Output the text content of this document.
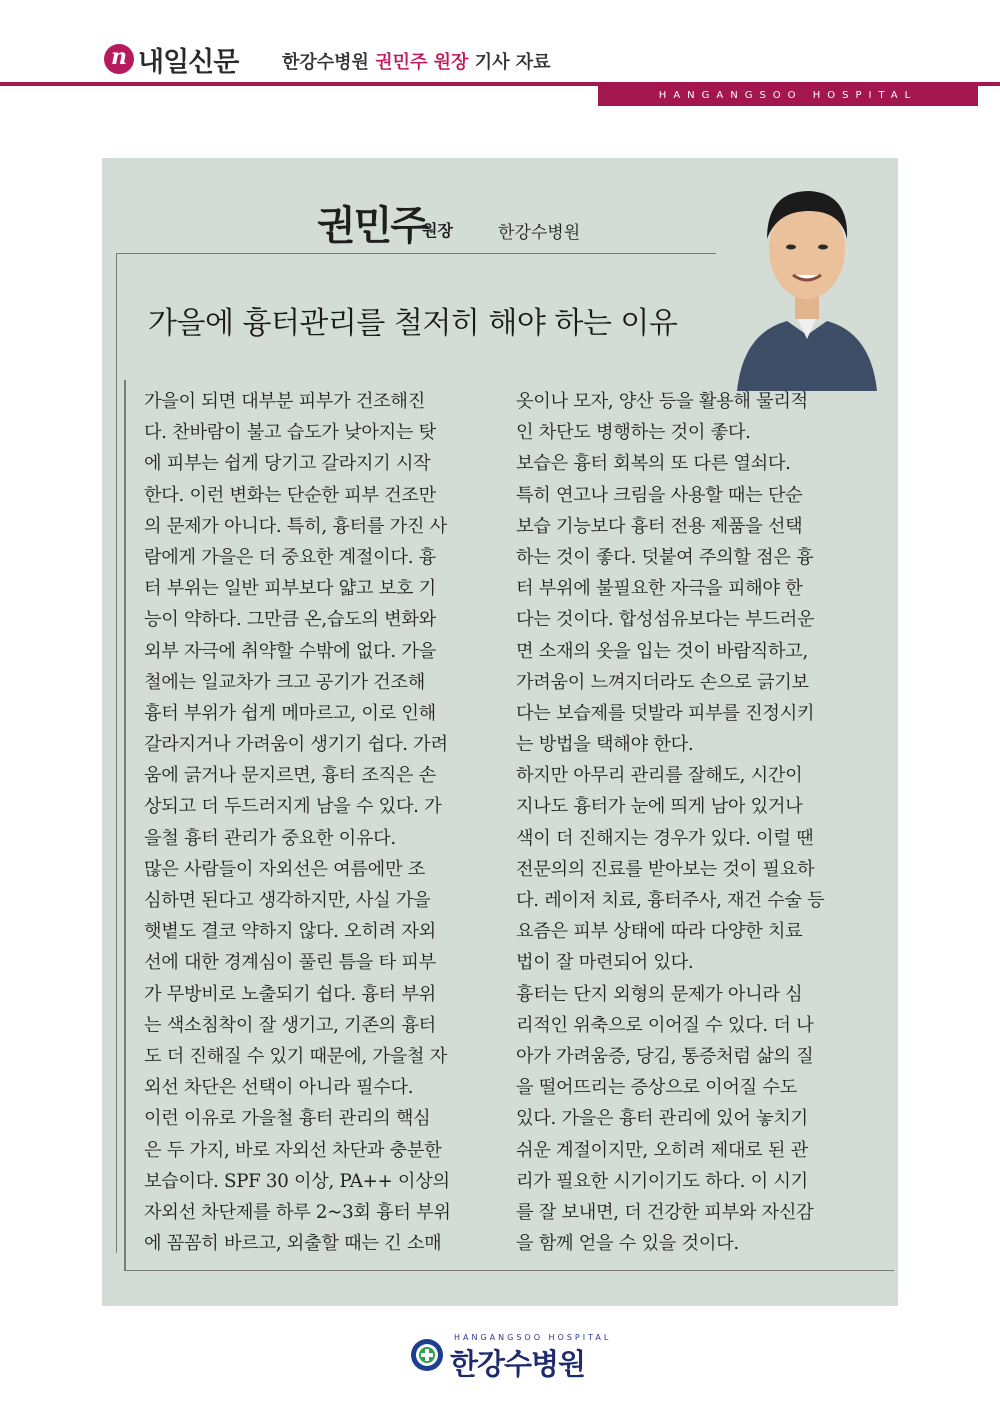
n 내일신문 한강수병원 권민주 원장 기사 자료
HANGANGSOO HOSPITAL
권민주
원장	한강수병원
가을에 흉터관리를 철저히 해야 하는 이유
가을이 되면 대부분 피부가 건조해진
다. 찬바람이 불고 습도가 낮아지는 탓
에 피부는 쉽게 당기고 갈라지기 시작
한다. 이런 변화는 단순한 피부 건조만
의 문제가 아니다. 특히, 흉터를 가진 사
람에게 가을은 더 중요한 계절이다. 흉
터 부위는 일반 피부보다 얇고 보호 기
능이 약하다. 그만큼 온,습도의 변화와
외부 자극에 취약할 수밖에 없다. 가을
철에는 일교차가 크고 공기가 건조해
흉터 부위가 쉽게 메마르고, 이로 인해
갈라지거나 가려움이 생기기 쉽다. 가려
움에 긁거나 문지르면, 흉터 조직은 손
상되고 더 두드러지게 남을 수 있다. 가
을철 흉터 관리가 중요한 이유다.
많은 사람들이 자외선은 여름에만 조
심하면 된다고 생각하지만, 사실 가을
햇볕도 결코 약하지 않다. 오히려 자외
선에 대한 경계심이 풀린 틈을 타 피부
가 무방비로 노출되기 쉽다. 흉터 부위
는 색소침착이 잘 생기고, 기존의 흉터
도 더 진해질 수 있기 때문에, 가을철 자
외선 차단은 선택이 아니라 필수다.
이런 이유로 가을철 흉터 관리의 핵심
은 두 가지, 바로 자외선 차단과 충분한
보습이다. SPF 30 이상, PA++ 이상의
자외선 차단제를 하루 2~3회 흉터 부위
에 꼼꼼히 바르고, 외출할 때는 긴 소매
옷이나 모자, 양산 등을 활용해 물리적
인 차단도 병행하는 것이 좋다.
보습은 흉터 회복의 또 다른 열쇠다.
특히 연고나 크림을 사용할 때는 단순
보습 기능보다 흉터 전용 제품을 선택
하는 것이 좋다. 덧붙여 주의할 점은 흉
터 부위에 불필요한 자극을 피해야 한
다는 것이다. 합성섬유보다는 부드러운
면 소재의 옷을 입는 것이 바람직하고,
가려움이 느껴지더라도 손으로 긁기보
다는 보습제를 덧발라 피부를 진정시키
는 방법을 택해야 한다.
하지만 아무리 관리를 잘해도, 시간이
지나도 흉터가 눈에 띄게 남아 있거나
색이 더 진해지는 경우가 있다. 이럴 땐
전문의의 진료를 받아보는 것이 필요하
다. 레이저 치료, 흉터주사, 재건 수술 등
요즘은 피부 상태에 따라 다양한 치료
법이 잘 마련되어 있다.
흉터는 단지 외형의 문제가 아니라 심
리적인 위축으로 이어질 수 있다. 더 나
아가 가려움증, 당김, 통증처럼 삶의 질
을 떨어뜨리는 증상으로 이어질 수도
있다. 가을은 흉터 관리에 있어 놓치기
쉬운 계절이지만, 오히려 제대로 된 관
리가 필요한 시기이기도 하다. 이 시기
를 잘 보내면, 더 건강한 피부와 자신감
을 함께 얻을 수 있을 것이다.
HANGANGSOO HOSPITAL
한강수병원
